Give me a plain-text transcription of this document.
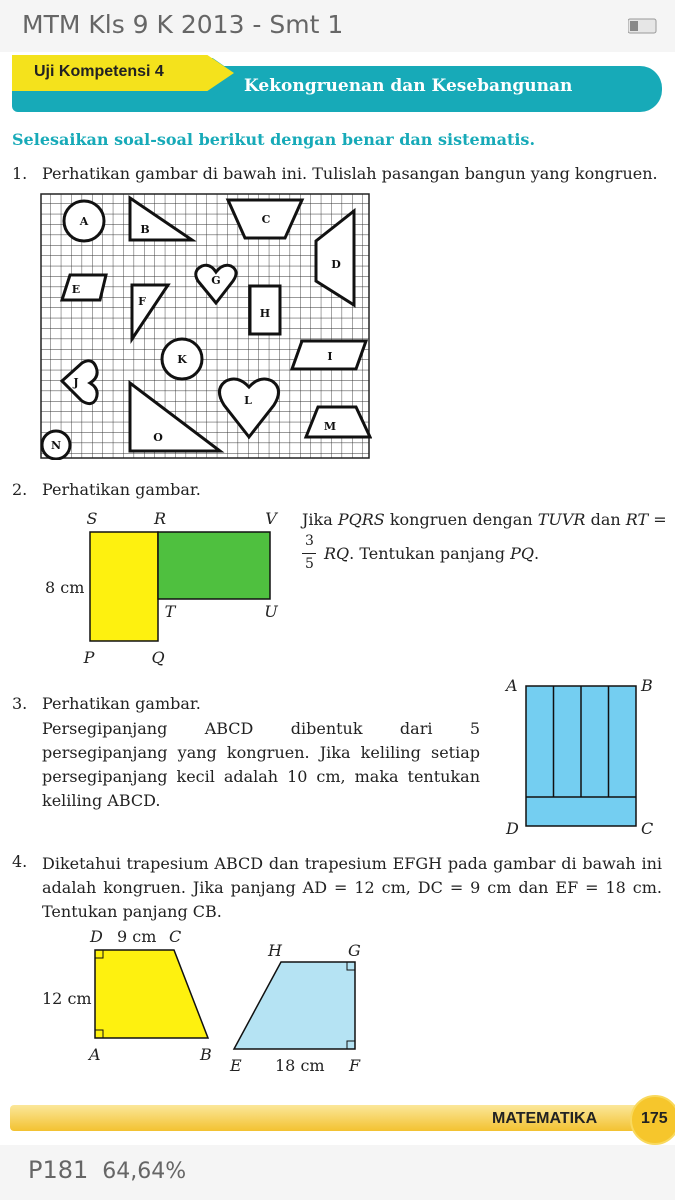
MTM Kls 9 K 2013 - Smt 1
Kekongruenan dan Kesebangunan
Uji Kompetensi 4
Selesaikan soal-soal berikut dengan benar dan sistematis.
1. Perhatikan gambar di bawah ini. Tulislah pasangan bangun yang kongruen.
A
B
C
D
E
F
G
H
I
J
K
L
M
N
O
2. Perhatikan gambar.
S	R	V
T	U
P	Q
8 cm
Jika PQRS kongruen dengan TUVR dan RT =
3
5
RQ. Tentukan panjang PQ.
3. Perhatikan gambar.
Persegipanjang ABCD dibentuk dari 5 persegipanjang yang kongruen. Jika keliling setiap persegipanjang kecil adalah 10 cm, maka tentukan keliling ABCD.
A	B
D	C
4. Diketahui trapesium ABCD dan trapesium EFGH pada gambar di bawah ini adalah kongruen. Jika panjang AD = 12 cm, DC = 9 cm dan EF = 18 cm. Tentukan panjang CB.
D 9 cm C
12 cm
A	B
H	G
E 18 cm F
MATEMATIKA	175
P181 64,64%
